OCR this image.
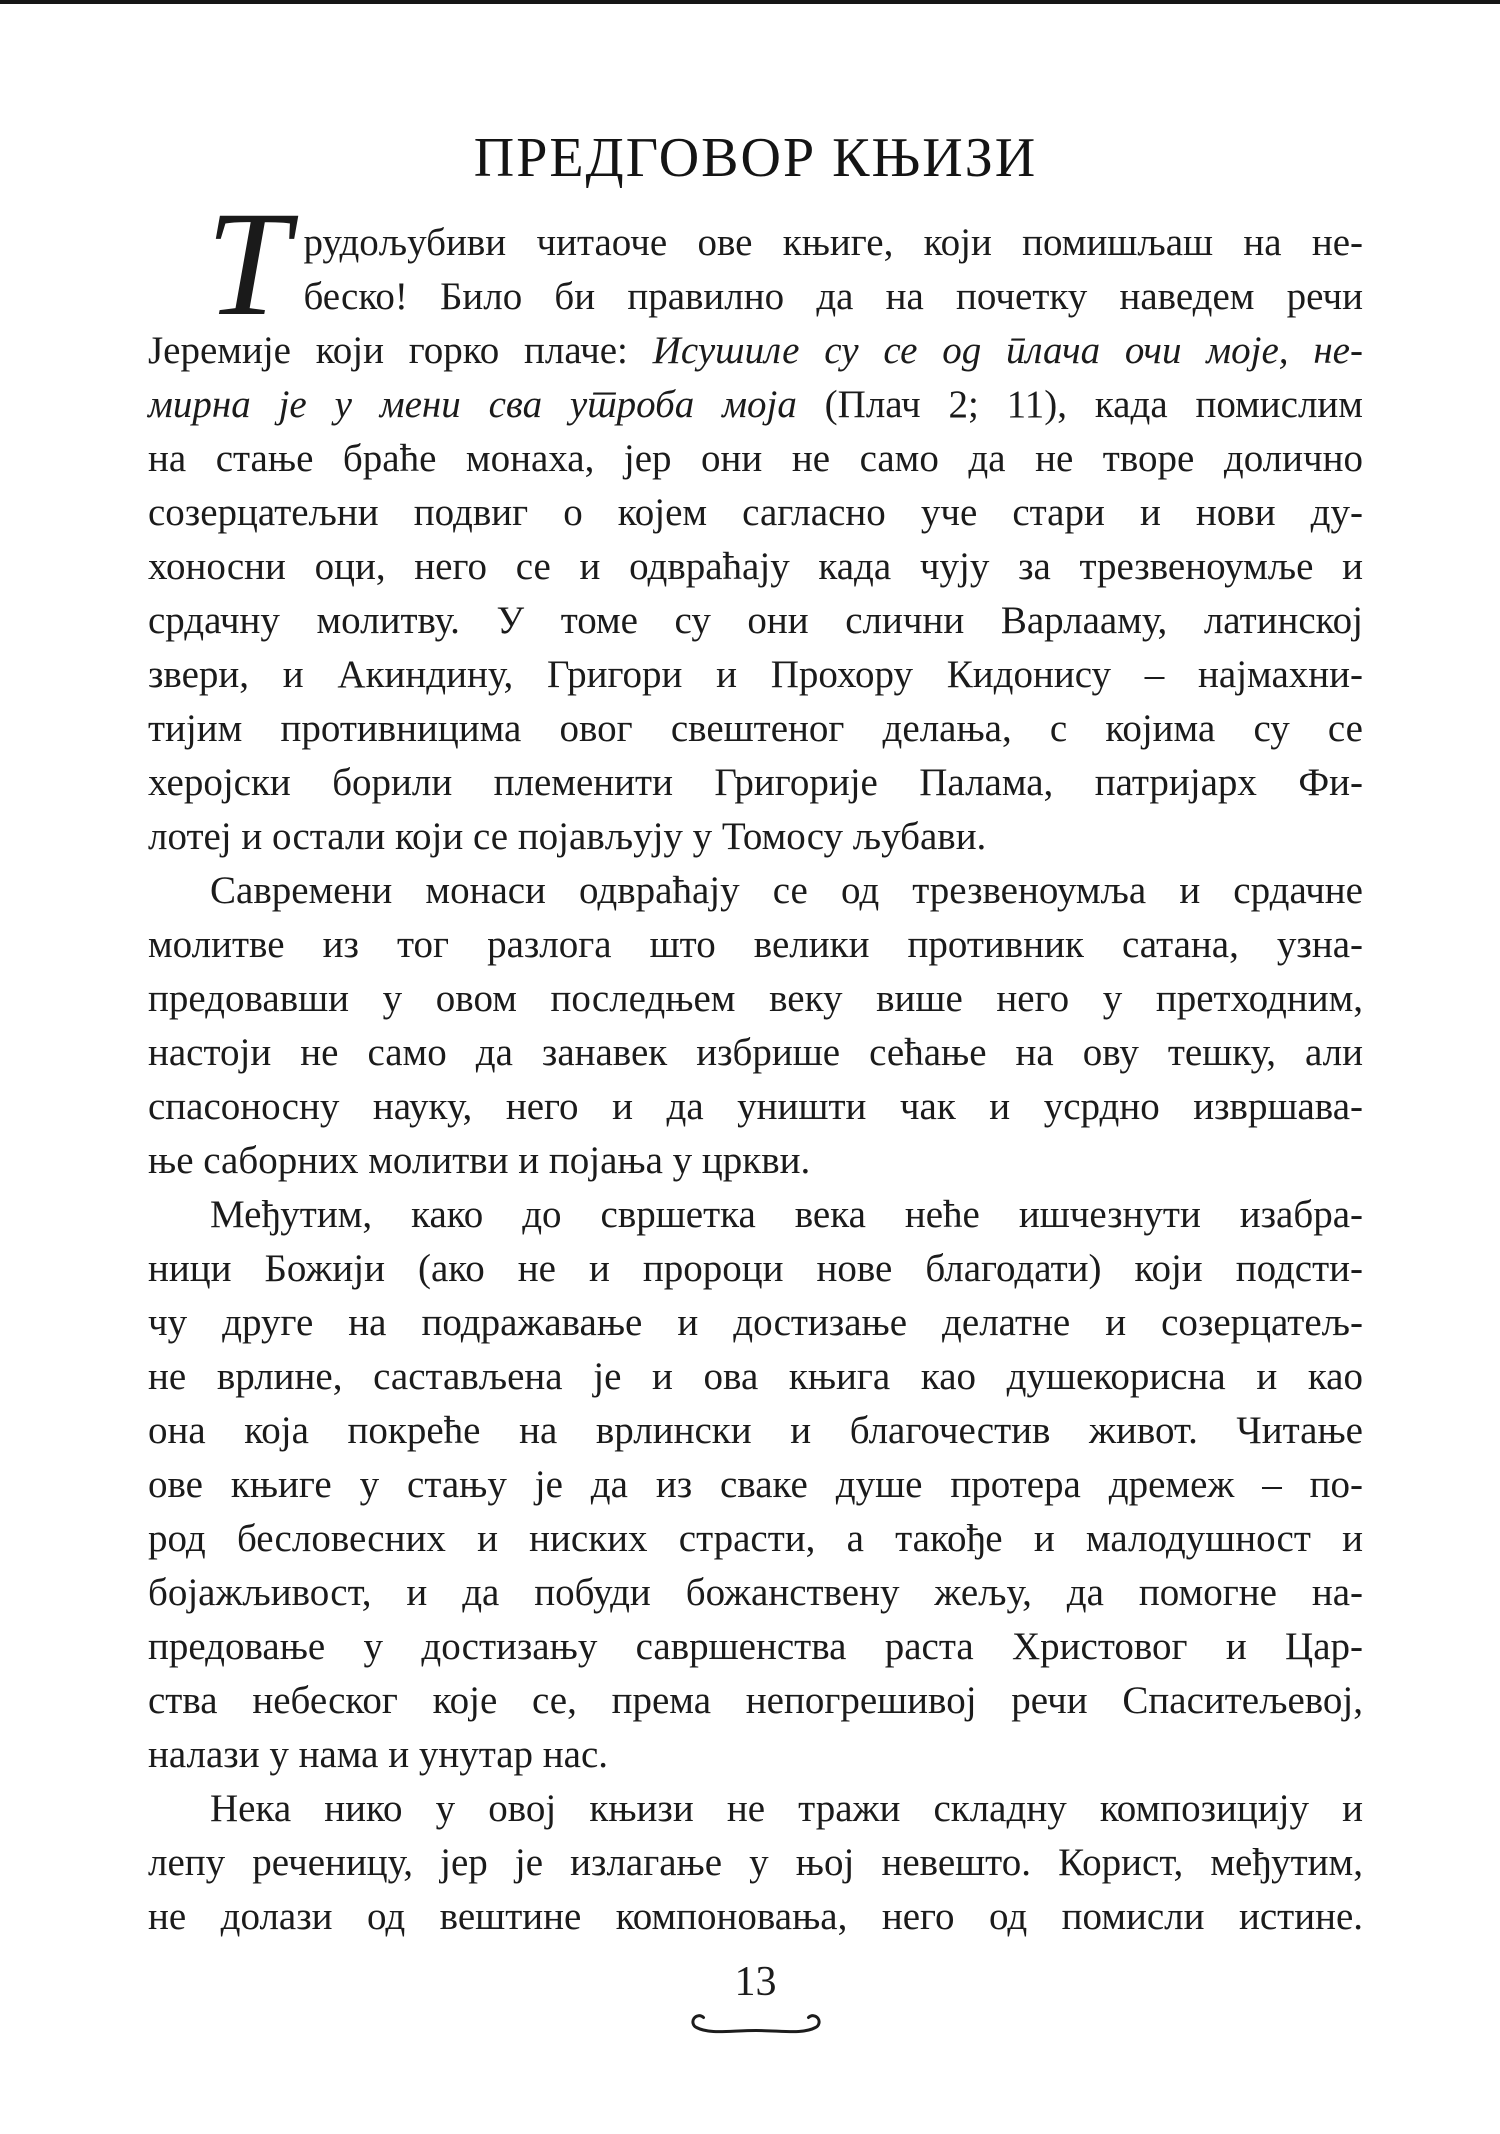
ПРЕДГОВОР КЊИЗИ
Т рудољубиви читаоче ове књиге, који помишљаш на не-
беско! Било би правилно да на почетку наведем речи
Јеремије који горко плаче: Исушиле су се од плача очи моје, не-
мирна је у мени сва утроба моја (Плач 2; 11), када помислим
на стање браће монаха, јер они не само да не творе долично
созерцатељни подвиг о којем сагласно уче стари и нови ду-
хоносни оци, него се и одвраћају када чују за трезвеноумље и
срдачну молитву. У томе су они слични Варлааму, латинској
звери, и Акиндину, Григори и Прохору Кидонису – најмахни-
тијим противницима овог свештеног делања, с којима су се
херојски борили племенити Григорије Палама, патријарх Фи-
лотеј и остали који се појављују у Томосу љубави.
Савремени монаси одвраћају се од трезвеноумља и срдачне
молитве из тог разлога што велики противник сатана, узна-
предовавши у овом последњем веку више него у претходним,
настоји не само да занавек избрише сећање на ову тешку, али
спасоносну науку, него и да уништи чак и усрдно извршава-
ње саборних молитви и појања у цркви.
Међутим, како до свршетка века неће ишчезнути изабра-
ници Божији (ако не и пророци нове благодати) који подсти-
чу друге на подражавање и достизање делатне и созерцатељ-
не врлине, састављена је и ова књига као душекорисна и као
она која покреће на врлински и благочестив живот. Читање
ове књиге у стању је да из сваке душе протера дремеж – по-
род бесловесних и ниских страсти, а такође и малодушност и
бојажљивост, и да побуди божанствену жељу, да помогне на-
предовање у достизању савршенства раста Христовог и Цар-
ства небеског које се, према непогрешивој речи Спаситељевој,
налази у нама и унутар нас.
Нека нико у овој књизи не тражи складну композицију и
лепу реченицу, јер је излагање у њој невешто. Корист, међутим,
не долази од вештине компоновања, него од помисли истине.
13
